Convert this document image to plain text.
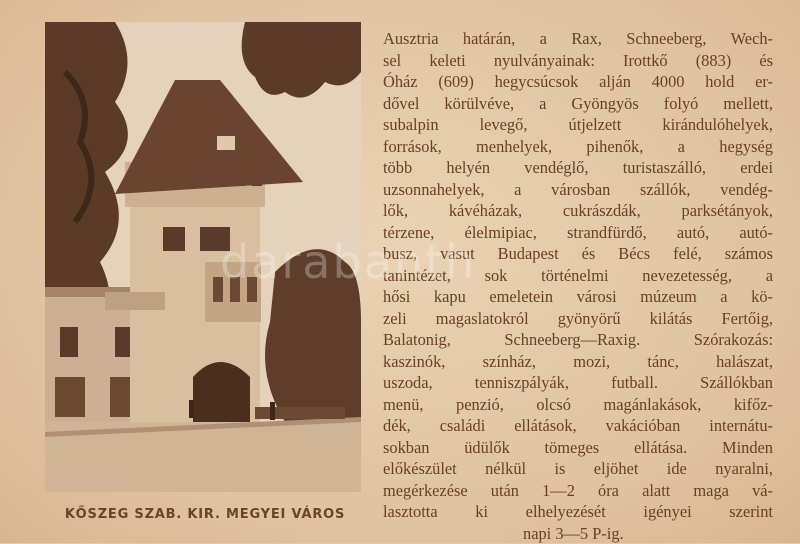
KŐSZEG SZAB. KIR. MEGYEI VÁROS
Ausztria határán, a Rax, Schneeberg, Wech-
sel keleti nyulványainak: Irottkő (883) és
Óház (609) hegycsúcsok alján 4000 hold er-
dővel körülvéve, a Gyöngyös folyó mellett,
subalpin levegő, útjelzett kirándulóhelyek,
források, menhelyek, pihenők, a hegység
több helyén vendéglő, turistaszálló, erdei
uzsonnahelyek, a városban szállók, vendég-
lők, kávéházak, cukrászdák, parksétányok,
térzene, élelmipiac, strandfürdő, autó, autó-
busz, vasut Budapest és Bécs felé, számos
tanintézet, sok történelmi nevezetesség, a
hősi kapu emeletein városi múzeum a kö-
zeli magaslatokról gyönyörű kilátás Fertőig,
Balatonig, Schneeberg—Raxig. Szórakozás:
kaszinók, színház, mozi, tánc, halászat,
uszoda, tenniszpályák, futball. Szállókban
menü, penzió, olcsó magánlakások, kifőz-
dék, családi ellátások, vakációban internátu-
sokban üdülők tömeges ellátása. Minden
előkészület nélkül is eljöhet ide nyaralni,
megérkezése után 1—2 óra alatt maga vá-
lasztotta ki elhelyezését igényei szerint
napi 3—5 P-ig.
darabanth
